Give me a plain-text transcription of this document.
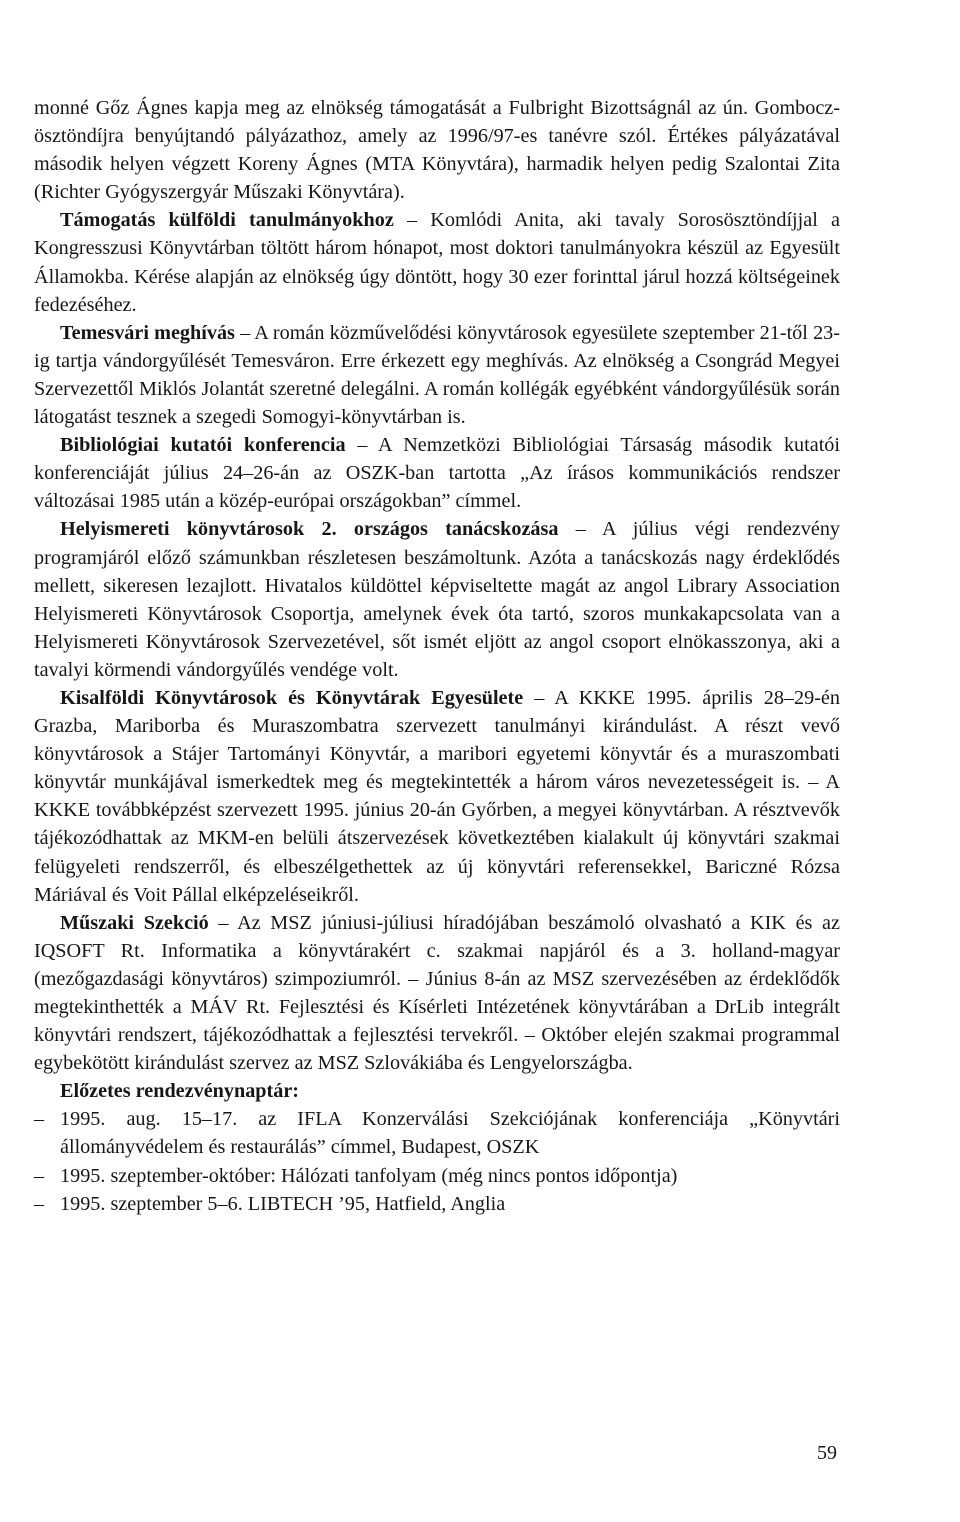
monné Gőz Ágnes kapja meg az elnökség támogatását a Fulbright Bizottságnál az ún. Gombocz-ösztöndíjra benyújtandó pályázathoz, amely az 1996/97-es tanévre szól. Értékes pályázatával második helyen végzett Koreny Ágnes (MTA Könyvtára), harmadik helyen pedig Szalontai Zita (Richter Gyógyszergyár Műszaki Könyvtára).

Támogatás külföldi tanulmányokhoz – Komlódi Anita, aki tavaly Sorosösztöndíjjal a Kongresszusi Könyvtárban töltött három hónapot, most doktori tanulmányokra készül az Egyesült Államokba. Kérése alapján az elnökség úgy döntött, hogy 30 ezer forinttal járul hozzá költségeinek fedezéséhez.

Temesvári meghívás – A román közművelődési könyvtárosok egyesülete szeptember 21-től 23-ig tartja vándorgyűlését Temesváron. Erre érkezett egy meghívás. Az elnökség a Csongrád Megyei Szervezettől Miklós Jolantát szeretné delegálni. A román kollégák egyébként vándorgyűlésük során látogatást tesznek a szegedi Somogyi-könyvtárban is.

Bibliológiai kutatói konferencia – A Nemzetközi Bibliológiai Társaság második kutatói konferenciáját július 24–26-án az OSZK-ban tartotta „Az írásos kommunikációs rendszer változásai 1985 után a közép-európai országokban” címmel.

Helyismereti könyvtárosok 2. országos tanácskozása – A július végi rendezvény programjáról előző számunkban részletesen beszámoltunk. Azóta a tanácskozás nagy érdeklődés mellett, sikeresen lezajlott. Hivatalos küldöttel képviseltette magát az angol Library Association Helyismereti Könyvtárosok Csoportja, amelynek évek óta tartó, szoros munkakapcsolata van a Helyismereti Könyvtárosok Szervezetével, sőt ismét eljött az angol csoport elnökasszonya, aki a tavalyi körmendi vándorgyűlés vendége volt.

Kisalföldi Könyvtárosok és Könyvtárak Egyesülete – A KKKE 1995. április 28–29-én Grazba, Mariborba és Muraszombatra szervezett tanulmányi kirándulást. A részt vevő könyvtárosok a Stájer Tartományi Könyvtár, a maribori egyetemi könyvtár és a muraszombati könyvtár munkájával ismerkedtek meg és megtekintették a három város nevezetességeit is. – A KKKE továbbképzést szervezett 1995. június 20-án Győrben, a megyei könyvtárban. A résztvevők tájékozódhattak az MKM-en belüli átszervezések következtében kialakult új könyvtári szakmai felügyeleti rendszerről, és elbeszélgethettek az új könyvtári referensekkel, Bariczné Rózsa Máriával és Voit Pállal elképzeléseikről.

Műszaki Szekció – Az MSZ júniusi-júliusi híradójában beszámoló olvasható a KIK és az IQSOFT Rt. Informatika a könyvtárakért c. szakmai napjáról és a 3. holland-magyar (mezőgazdasági könyvtáros) szimpoziumról. – Június 8-án az MSZ szervezésében az érdeklődők megtekinthették a MÁV Rt. Fejlesztési és Kísérleti Intézetének könyvtárában a DrLib integrált könyvtári rendszert, tájékozódhattak a fejlesztési tervekről. – Október elején szakmai programmal egybekötött kirándulást szervez az MSZ Szlovákiába és Lengyelországba.

Előzetes rendezvénynaptár:

– 1995. aug. 15–17. az IFLA Konzerválási Szekciójának konferenciája „Könyvtári állományvédelem és restaurálás” címmel, Budapest, OSZK
– 1995. szeptember-október: Hálózati tanfolyam (még nincs pontos időpontja)
– 1995. szeptember 5–6. LIBTECH ’95, Hatfield, Anglia
59
